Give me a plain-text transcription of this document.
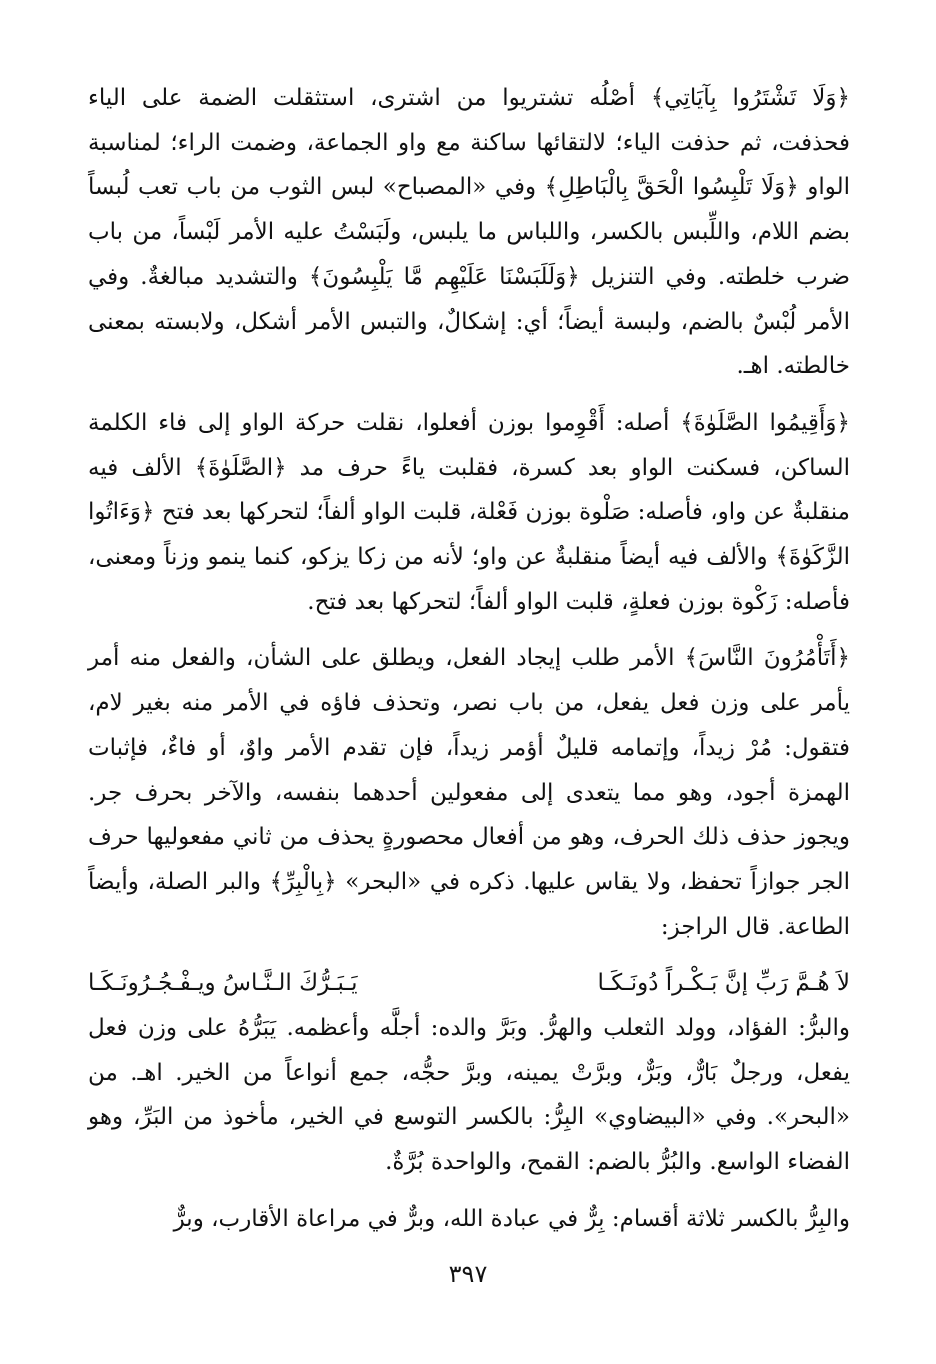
﴿وَلَا تَشْتَرُوا بِآيَاتِي﴾ أصْلُه تشتريوا من اشترى، استثقلت الضمة على الياء فحذفت، ثم حذفت الياء؛ لالتقائها ساكنة مع واو الجماعة، وضمت الراء؛ لمناسبة الواو ﴿وَلَا تَلْبِسُوا الْحَقَّ بِالْبَاطِلِ﴾ وفي «المصباح» لبس الثوب من باب تعب لُبساً بضم اللام، واللِّبس بالكسر، واللباس ما يلبس، ولَبَسْتُ عليه الأمر لَبْساً، من باب ضرب خلطته. وفي التنزيل ﴿وَلَلَبَسْنَا عَلَيْهِم مَّا يَلْبِسُونَ﴾ والتشديد مبالغةٌ. وفي الأمر لُبْسٌ بالضم، ولبسة أيضاً؛ أي: إشكالٌ، والتبس الأمر أشكل، ولابسته بمعنى خالطته. اهـ.

﴿وَأَقِيمُوا الصَّلَوٰةَ﴾ أصله: أَقْوِموا بوزن أفعلوا، نقلت حركة الواو إلى فاء الكلمة الساكن، فسكنت الواو بعد كسرة، فقلبت ياءً حرف مد ﴿الصَّلَوٰةَ﴾ الألف فيه منقلبةٌ عن واو، فأصله: صَلْوة بوزن فَعْلة، قلبت الواو ألفاً؛ لتحركها بعد فتح ﴿وَءَاتُوا الزَّكَوٰةَ﴾ والألف فيه أيضاً منقلبةٌ عن واو؛ لأنه من زكا يزكو، كنما ينمو وزناً ومعنى، فأصله: زَكْوة بوزن فعلةٍ، قلبت الواو ألفاً؛ لتحركها بعد فتح.

﴿أَتَأْمُرُونَ النَّاسَ﴾ الأمر طلب إيجاد الفعل، ويطلق على الشأن، والفعل منه أمر يأمر على وزن فعل يفعل، من باب نصر، وتحذف فاؤه في الأمر منه بغير لام، فتقول: مُرْ زيداً، وإتمامه قليلٌ أؤمر زيداً، فإن تقدم الأمر واوٌ، أو فاءٌ، فإثبات الهمزة أجود، وهو مما يتعدى إلى مفعولين أحدهما بنفسه، والآخر بحرف جر. ويجوز حذف ذلك الحرف، وهو من أفعال محصورةٍ يحذف من ثاني مفعوليها حرف الجر جوازاً تحفظ، ولا يقاس عليها. ذكره في «البحر» ﴿بِالْبِرِّ﴾ والبر الصلة، وأيضاً الطاعة. قال الراجز:

لاَ هُـمَّ رَبِّ إنَّ بَـكْـراً دُونَـكَـا
يَـبَـرُّكَ الـنَّـاسُ ويـفْـجُـرُونَـكَـا

والبرُّ: الفؤاد، وولد الثعلب والهرُّ. وبَرَّ والده: أجلَّه وأعظمه. يَبَرُّهُ على وزن فعل يفعل، ورجلٌ بَارٌّ، وبَرٌّ، وبرَّتْ يمينه، وبرَّ حجُّه، جمع أنواعاً من الخير. اهـ. من «البحر». وفي «البيضاوي» البِرُّ: بالكسر التوسع في الخير، مأخوذ من البَرِّ، وهو الفضاء الواسع. والبُرُّ بالضم: القمح، والواحدة بُرَّةٌ.

والبِرُّ بالكسر ثلاثة أقسام: بِرٌّ في عبادة الله، وبرٌّ في مراعاة الأقارب، وبرٌّ

٣٩٧
